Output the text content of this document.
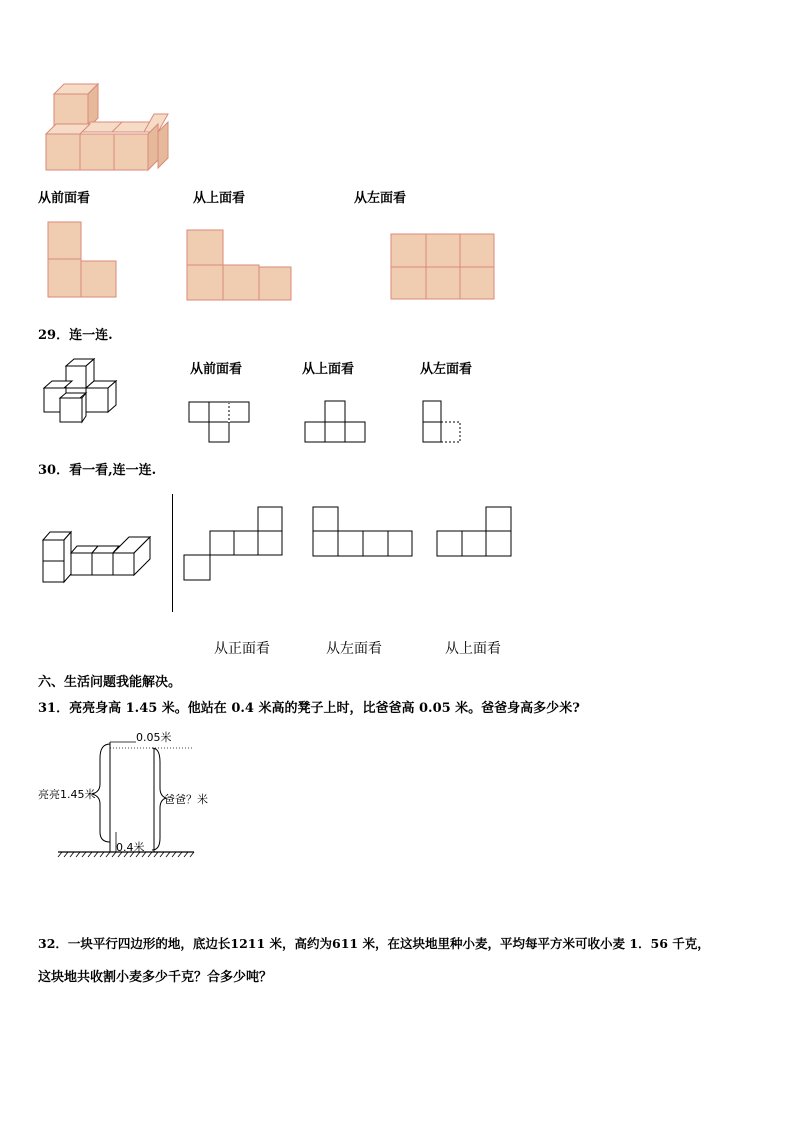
从前面看	从上面看	从左面看
29．连一连.
从前面看	从上面看	从左面看
30．看一看,连一连.
从正面看	从左面看	从上面看
六、生活问题我能解决。
31．亮亮身高 1.45 米。他站在 0.4 米高的凳子上时，比爸爸高 0.05 米。爸爸身高多少米?
0.05米
亮亮1.45米	爸爸？米
0.4米
32．一块平行四边形的地，底边长1211 米，高约为611 米，在这块地里种小麦，平均每平方米可收小麦 1．56 千克，
这块地共收割小麦多少千克？合多少吨？
